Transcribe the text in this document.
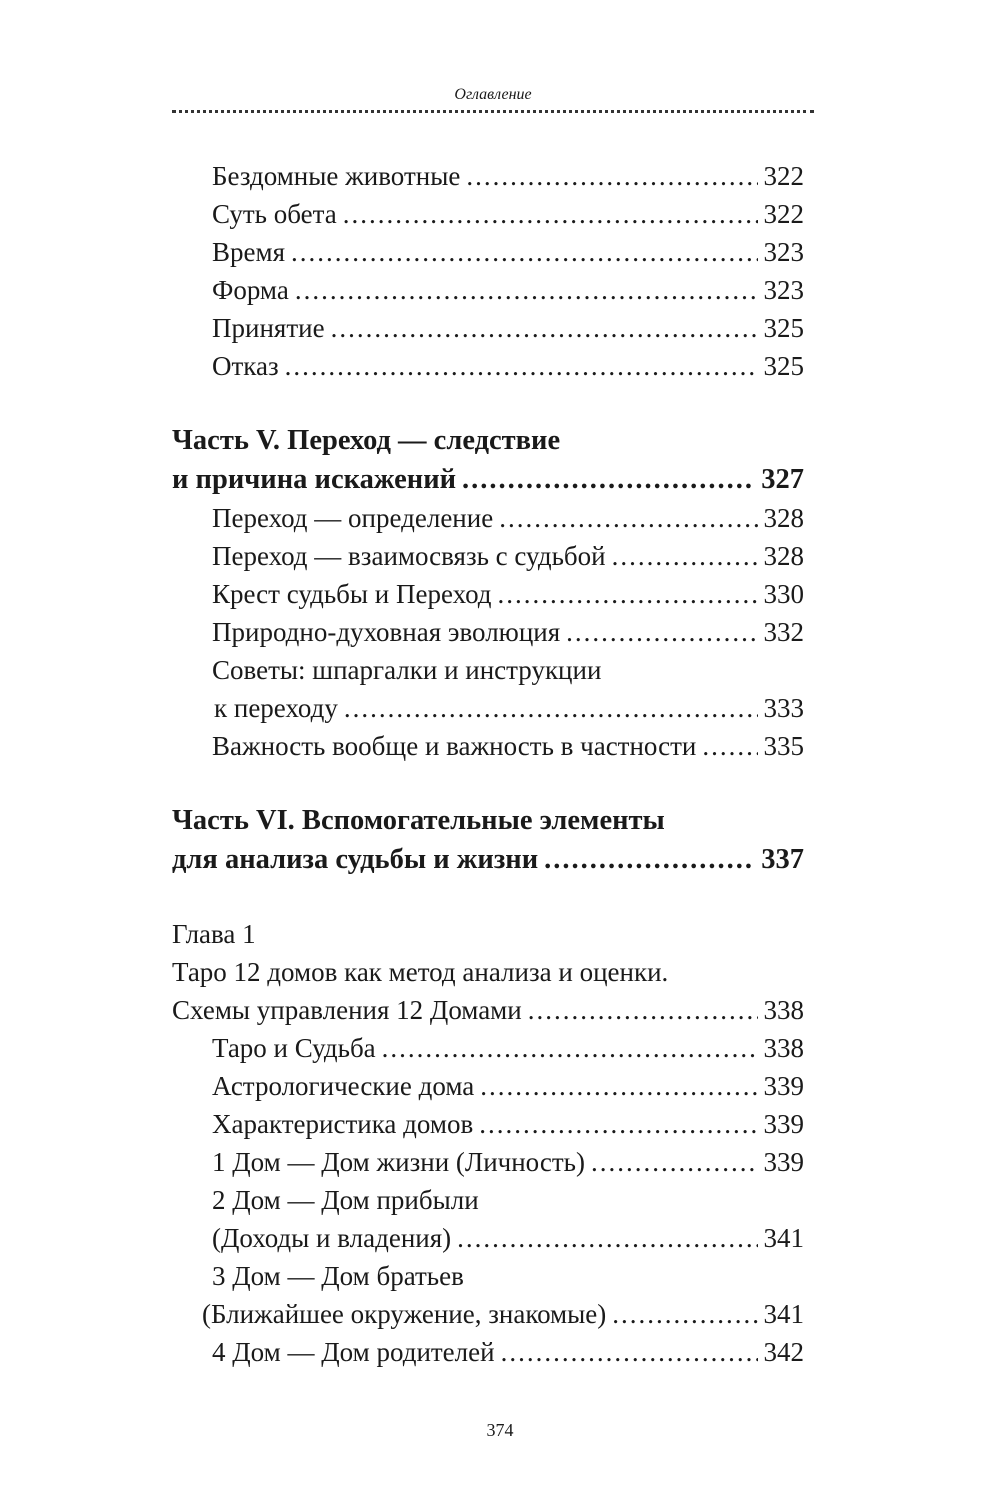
Оглавление
Бездомные животные .....	322
Суть обета .....	322
Время .....	323
Форма .....	323
Принятие .....	325
Отказ .....	325
Часть V. Переход — следствие
и причина искажений .....	327
Переход — определение .....	328
Переход — взаимосвязь с судьбой .....	328
Крест судьбы и Переход .....	330
Природно-духовная эволюция .....	332
Советы: шпаргалки и инструкции
к переходу .....	333
Важность вообще и важность в частности ..... 335
Часть VI. Вспомогательные элементы
для анализа судьбы и жизни .....	337
Глава 1
Таро 12 домов как метод анализа и оценки.
Схемы управления 12 Домами .....	338
Таро и Судьба .....	338
Астрологические дома .....	339
Характеристика домов .....	339
1 Дом — Дом жизни (Личность) .....	339
2 Дом — Дом прибыли
(Доходы и владения) .....	341
3 Дом — Дом братьев
(Ближайшее окружение, знакомые) .....	341
4 Дом — Дом родителей .....	342
374
